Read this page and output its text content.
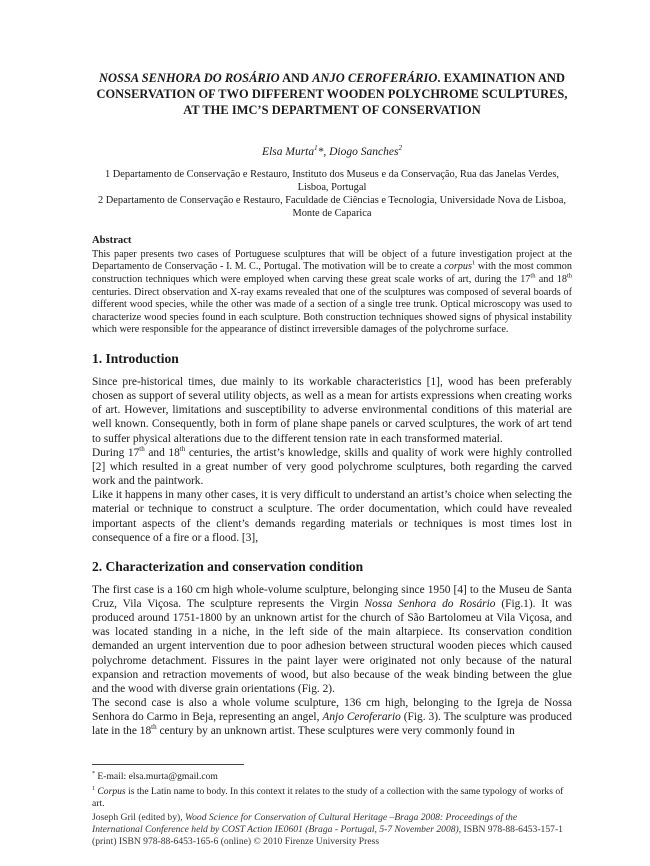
NOSSA SENHORA DO ROSÁRIO AND ANJO CEROFERÁRIO. EXAMINATION AND CONSERVATION OF TWO DIFFERENT WOODEN POLYCHROME SCULPTURES, AT THE IMC’S DEPARTMENT OF CONSERVATION
Elsa Murta$^1$*, Diogo Sanches$^2$

1 Departamento de Conservação e Restauro, Instituto dos Museus e da Conservação, Rua das Janelas Verdes, Lisboa, Portugal

2 Departamento de Conservação e Restauro, Faculdade de Ciências e Tecnologia, Universidade Nova de Lisboa, Monte de Caparica

Abstract
This paper presents two cases of Portuguese sculptures that will be object of a future investigation project at the Departamento de Conservação - I. M. C., Portugal. The motivation will be to create a corpus$^1$ with the most common construction techniques which were employed when carving these great scale works of art, during the 17th and 18th centuries. Direct observation and X-ray exams revealed that one of the sculptures was composed of several boards of different wood species, while the other was made of a section of a single tree trunk. Optical microscopy was used to characterize wood species found in each sculpture. Both construction techniques showed signs of physical instability which were responsible for the appearance of distinct irreversible damages of the polychrome surface.
1. Introduction

Since pre-historical times, due mainly to its workable characteristics [1], wood has been preferably chosen as support of several utility objects, as well as a mean for artists expressions when creating works of art. However, limitations and susceptibility to adverse environmental conditions of this material are well known. Consequently, both in form of plane shape panels or carved sculptures, the work of art tend to suffer physical alterations due to the different tension rate in each transformed material.

During 17th and 18th centuries, the artist’s knowledge, skills and quality of work were highly controlled [2] which resulted in a great number of very good polychrome sculptures, both regarding the carved work and the paintwork.

Like it happens in many other cases, it is very difficult to understand an artist’s choice when selecting the material or technique to construct a sculpture. The order documentation, which could have revealed important aspects of the client’s demands regarding materials or techniques is most times lost in consequence of a fire or a flood. [3],

2. Characterization and conservation condition

The first case is a 160 cm high whole-volume sculpture, belonging since 1950 [4] to the Museu de Santa Cruz, Vila Viçosa. The sculpture represents the Virgin Nossa Senhora do Rosário (Fig.1). It was produced around 1751-1800 by an unknown artist for the church of São Bartolomeu at Vila Viçosa, and was located standing in a niche, in the left side of the main altarpiece. Its conservation condition demanded an urgent intervention due to poor adhesion between structural wooden pieces which caused polychrome detachment. Fissures in the paint layer were originated not only because of the natural expansion and retraction movements of wood, but also because of the weak binding between the glue and the wood with diverse grain orientations (Fig. 2).

The second case is also a whole volume sculpture, 136 cm high, belonging to the Igreja de Nossa Senhora do Carmo in Beja, representing an angel, Anjo Ceroferario (Fig. 3). The sculpture was produced late in the 18th century by an unknown artist. These sculptures were very commonly found in

* E-mail: elsa.murta@gmail.com

$^1$ Corpus is the Latin name to body. In this context it relates to the study of a collection with the same typology of works of art.

Joseph Gril (edited by), Wood Science for Conservation of Cultural Heritage –Braga 2008: Proceedings of the International Conference held by COST Action IE0601 (Braga - Portugal, 5-7 November 2008), ISBN 978-88-6453-157-1 (print) ISBN 978-88-6453-165-6 (online) © 2010 Firenze University Press
